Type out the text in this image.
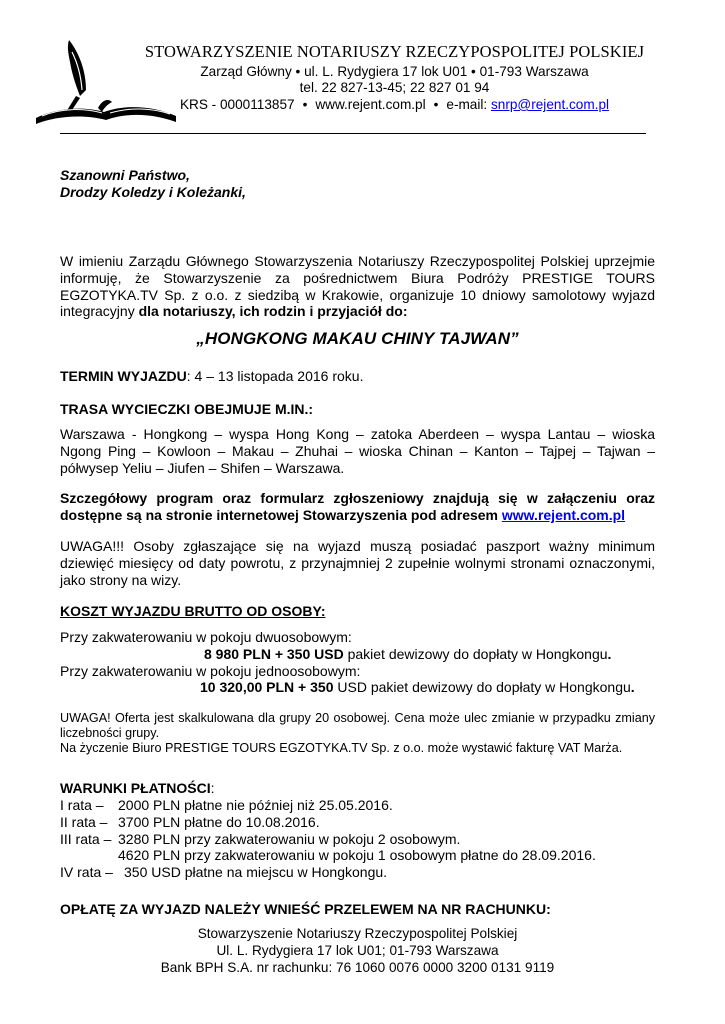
STOWARZYSZENIE NOTARIUSZY RZECZYPOSPOLITEJ POLSKIEJ
Zarząd Główny • ul. L. Rydygiera 17 lok U01 • 01-793 Warszawa
tel. 22 827-13-45; 22 827 01 94
KRS - 0000113857 • www.rejent.com.pl • e-mail: snrp@rejent.com.pl
Szanowni Państwo,
Drodzy Koledzy i Koleżanki,
W imieniu Zarządu Głównego Stowarzyszenia Notariuszy Rzeczypospolitej Polskiej uprzejmie informuję, że Stowarzyszenie za pośrednictwem Biura Podróży PRESTIGE TOURS EGZOTYKA.TV Sp. z o.o. z siedzibą w Krakowie, organizuje 10 dniowy samolotowy wyjazd integracyjny dla notariuszy, ich rodzin i przyjaciół do:
„HONGKONG MAKAU CHINY TAJWAN”
TERMIN WYJAZDU: 4 – 13 listopada 2016 roku.
TRASA WYCIECZKI OBEJMUJE M.IN.:
Warszawa - Hongkong – wyspa Hong Kong – zatoka Aberdeen – wyspa Lantau – wioska Ngong Ping – Kowloon – Makau – Zhuhai – wioska Chinan – Kanton – Tajpej – Tajwan – półwysep Yeliu – Jiufen – Shifen – Warszawa.
Szczegółowy program oraz formularz zgłoszeniowy znajdują się w załączeniu oraz dostępne są na stronie internetowej Stowarzyszenia pod adresem www.rejent.com.pl
UWAGA!!! Osoby zgłaszające się na wyjazd muszą posiadać paszport ważny minimum dziewięć miesięcy od daty powrotu, z przynajmniej 2 zupełnie wolnymi stronami oznaczonymi, jako strony na wizy.
KOSZT WYJAZDU BRUTTO OD OSOBY:
Przy zakwaterowaniu w pokoju dwuosobowym:
8 980 PLN + 350 USD pakiet dewizowy do dopłaty w Hongkongu.
Przy zakwaterowaniu w pokoju jednoosobowym:
10 320,00 PLN + 350 USD pakiet dewizowy do dopłaty w Hongkongu.
UWAGA! Oferta jest skalkulowana dla grupy 20 osobowej. Cena może ulec zmianie w przypadku zmiany liczebności grupy.
Na życzenie Biuro PRESTIGE TOURS EGZOTYKA.TV Sp. z o.o. może wystawić fakturę VAT Marża.
WARUNKI PŁATNOŚCI:
I rata –	2000 PLN płatne nie później niż 25.05.2016.
II rata – 3700 PLN płatne do 10.08.2016.
III rata – 3280 PLN przy zakwaterowaniu w pokoju 2 osobowym.
4620 PLN przy zakwaterowaniu w pokoju 1 osobowym płatne do 28.09.2016.
IV rata – 350 USD płatne na miejscu w Hongkongu.
OPŁATĘ ZA WYJAZD NALEŻY WNIEŚĆ PRZELEWEM NA NR RACHUNKU:
Stowarzyszenie Notariuszy Rzeczypospolitej Polskiej
Ul. L. Rydygiera 17 lok U01; 01-793 Warszawa
Bank BPH S.A. nr rachunku: 76 1060 0076 0000 3200 0131 9119
